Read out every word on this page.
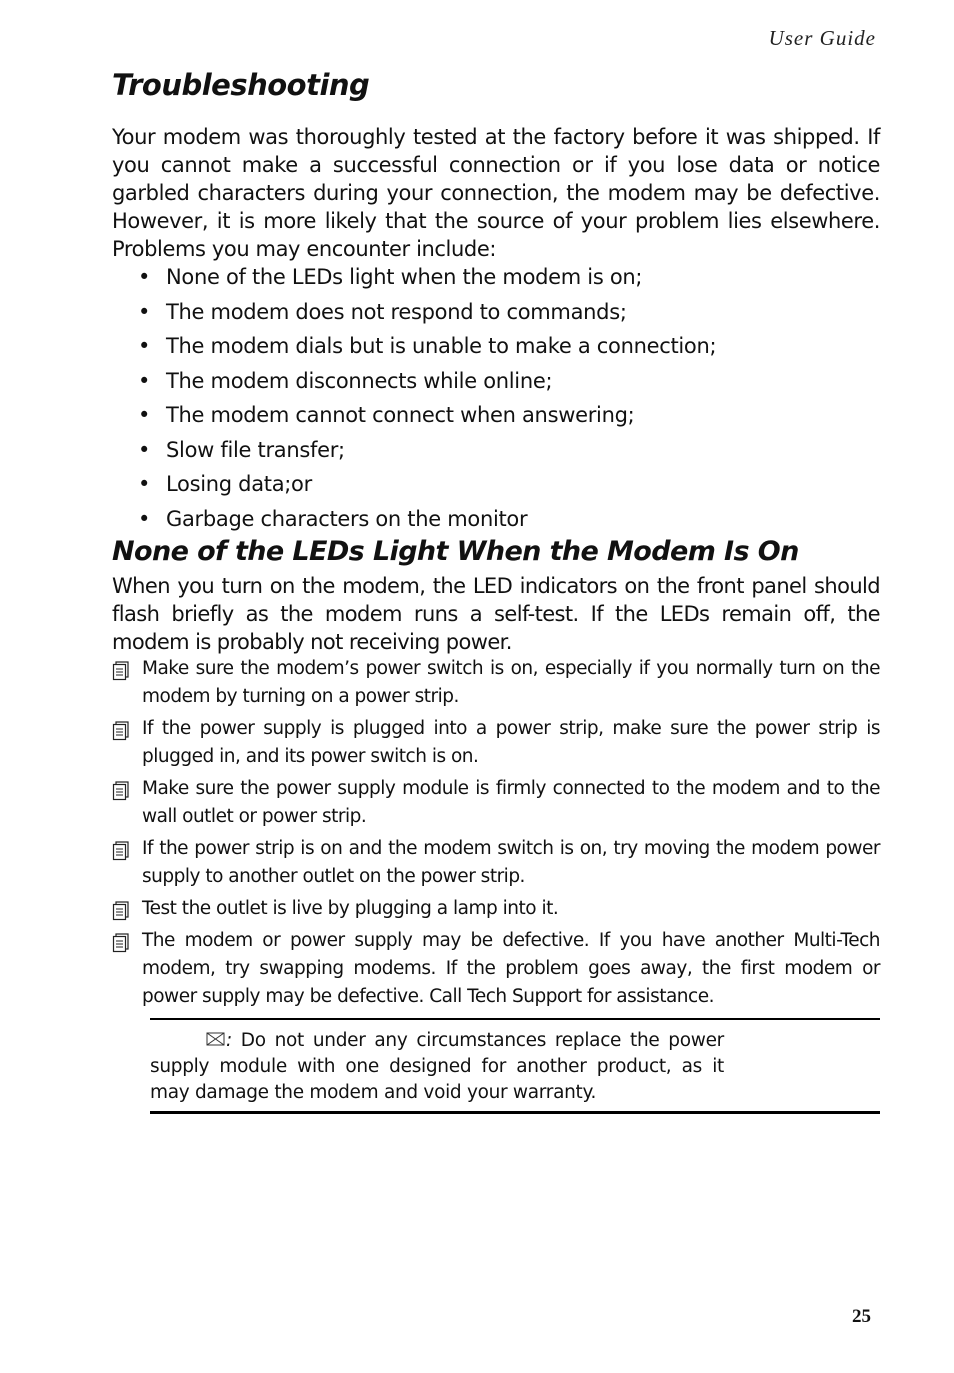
User Guide
Troubleshooting

Your modem was thoroughly tested at the factory before it was shipped. If you cannot make a successful connection or if you lose data or notice garbled characters during your connection, the modem may be defective. However, it is more likely that the source of your problem lies elsewhere. Problems you may encounter include:

• None of the LEDs light when the modem is on;
• The modem does not respond to commands;
• The modem dials but is unable to make a connection;
• The modem disconnects while online;
• The modem cannot connect when answering;
• Slow file transfer;
• Losing data;or
• Garbage characters on the monitor
None of the LEDs Light When the Modem Is On

When you turn on the modem, the LED indicators on the front panel should flash briefly as the modem runs a self-test. If the LEDs remain off, the modem is probably not receiving power.

Make sure the modem’s power switch is on, especially if you normally turn on the modem by turning on a power strip.
If the power supply is plugged into a power strip, make sure the power strip is plugged in, and its power switch is on.
Make sure the power supply module is firmly connected to the modem and to the wall outlet or power strip.
If the power strip is on and the modem switch is on, try moving the modem power supply to another outlet on the power strip.
Test the outlet is live by plugging a lamp into it.
The modem or power supply may be defective. If you have another Multi-Tech modem, try swapping modems. If the problem goes away, the first modem or power supply may be defective. Call Tech Support for assistance.
: Do not under any circumstances replace the power supply module with one designed for another product, as it may damage the modem and void your warranty.
25
